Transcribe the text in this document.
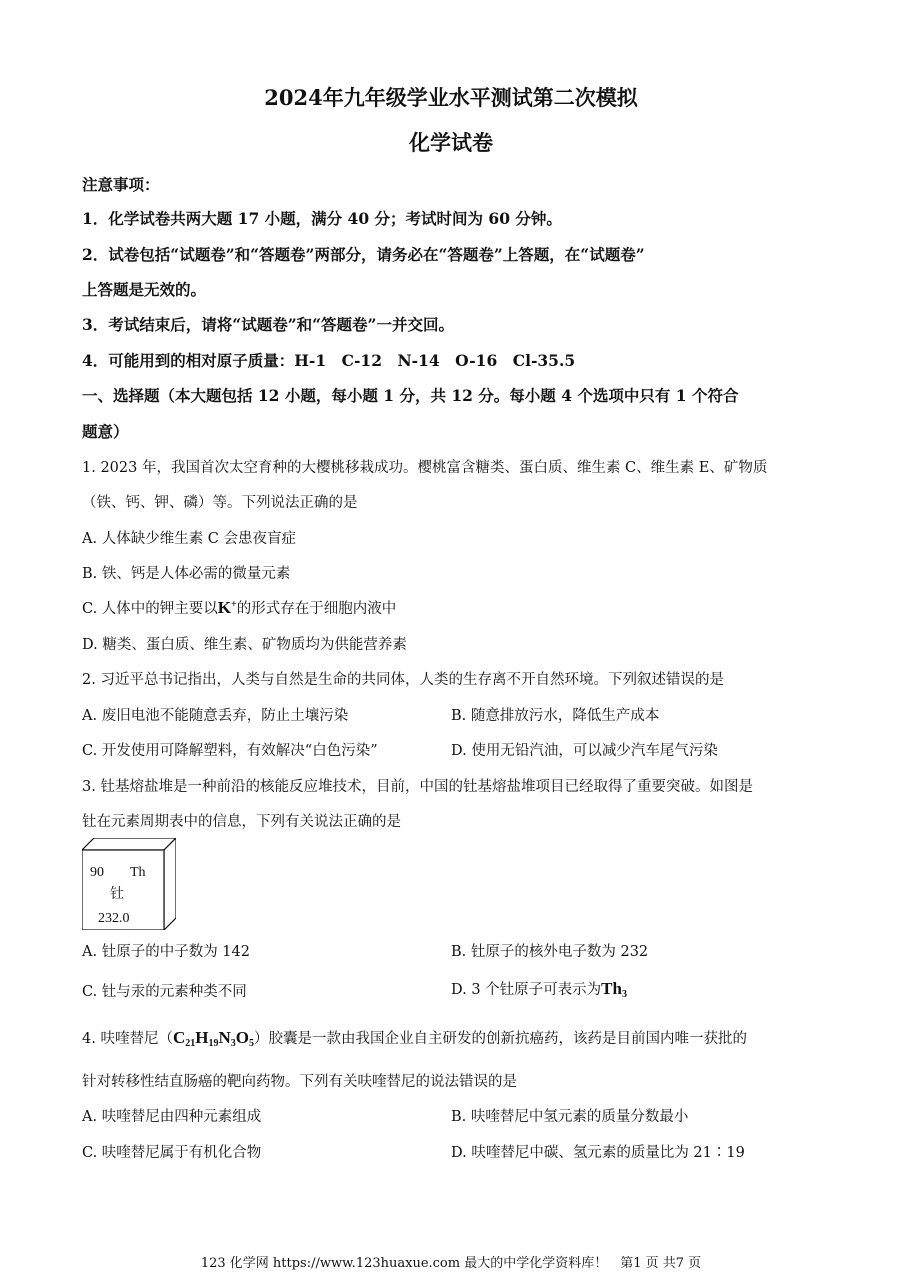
2024年九年级学业水平测试第二次模拟
化学试卷
注意事项：
1．化学试卷共两大题 17 小题，满分 40 分；考试时间为 60 分钟。
2．试卷包括“试题卷”和“答题卷”两部分，请务必在“答题卷”上答题，在“试题卷”
上答题是无效的。
3．考试结束后，请将“试题卷”和“答题卷”一并交回。
4．可能用到的相对原子质量：H-1　C-12　N-14　O-16　Cl-35.5
一、选择题（本大题包括 12 小题，每小题 1 分，共 12 分。每小题 4 个选项中只有 1 个符合
题意）
1. 2023 年，我国首次太空育种的大樱桃移栽成功。樱桃富含糖类、蛋白质、维生素 C、维生素 E、矿物质
（铁、钙、钾、磷）等。下列说法正确的是
A. 人体缺少维生素 C 会患夜盲症
B. 铁、钙是人体必需的微量元素
C. 人体中的钾主要以K+的形式存在于细胞内液中
D. 糖类、蛋白质、维生素、矿物质均为供能营养素
2. 习近平总书记指出，人类与自然是生命的共同体，人类的生存离不开自然环境。下列叙述错误的是
A. 废旧电池不能随意丢弃，防止土壤污染	B. 随意排放污水，降低生产成本
C. 开发使用可降解塑料，有效解决“白色污染”	D. 使用无铅汽油，可以减少汽车尾气污染
3. 钍基熔盐堆是一种前沿的核能反应堆技术，目前，中国的钍基熔盐堆项目已经取得了重要突破。如图是
钍在元素周期表中的信息，下列有关说法正确的是
90 Th
钍
232.0
A. 钍原子的中子数为 142	B. 钍原子的核外电子数为 232
C. 钍与汞的元素种类不同	D. 3 个钍原子可表示为$Th_3$
4. 呋喹替尼$(C_{21}H_{19}N_3O_5)$胶囊是一款由我国企业自主研发的创新抗癌药，该药是目前国内唯一获批的
针对转移性结直肠癌的靶向药物。下列有关呋喹替尼的说法错误的是
A. 呋喹替尼由四种元素组成	B. 呋喹替尼中氢元素的质量分数最小
C. 呋喹替尼属于有机化合物	D. 呋喹替尼中碳、氢元素的质量比为 21∶19
123 化学网 https://www.123huaxue.com 最大的中学化学资料库！　第1 页 共7 页
